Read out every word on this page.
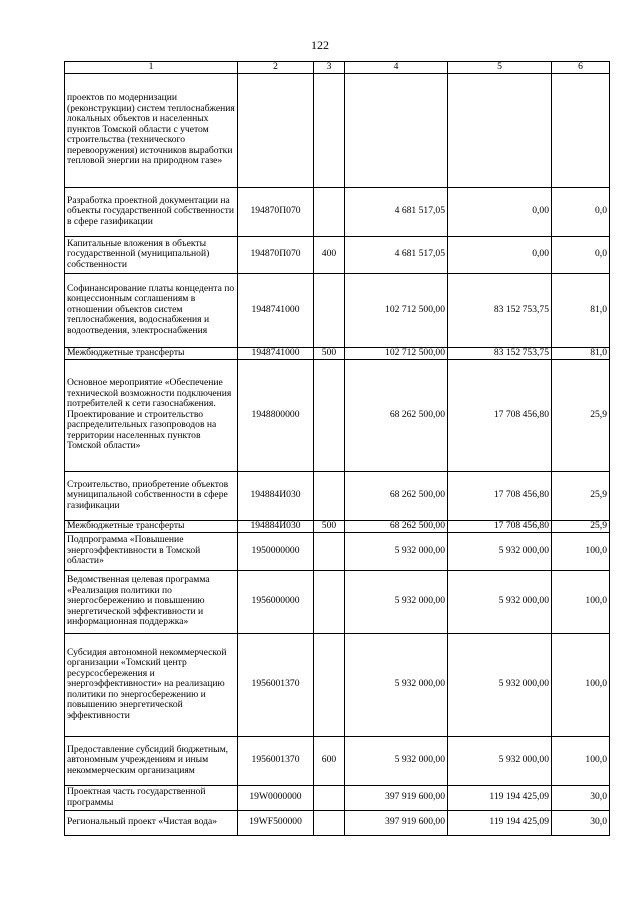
122
1	2	3	4	5	6
проектов по модернизации (реконструкции) систем теплоснабжения локальных объектов и населенных пунктов Томской области с учетом строительства (технического перевооружения) источников выработки тепловой энергии на природном газе»					
Разработка проектной документации на объекты государственной собственности в сфере газификации	194870П070		4 681 517,05	0,00	0,0
Капитальные вложения в объекты государственной (муниципальной) собственности	194870П070	400	4 681 517,05	0,00	0,0
Софинансирование платы концедента по концессионным соглашениям в отношении объектов систем теплоснабжения, водоснабжения и водоотведения, электроснабжения	1948741000		102 712 500,00	83 152 753,75	81,0
Межбюджетные трансферты	1948741000	500	102 712 500,00	83 152 753,75	81,0
Основное мероприятие «Обеспечение технической возможности подключения потребителей к сети газоснабжения. Проектирование и строительство распределительных газопроводов на территории населенных пунктов Томской области»	1948800000		68 262 500,00	17 708 456,80	25,9
Строительство, приобретение объектов муниципальной собственности в сфере газификации	194884И030		68 262 500,00	17 708 456,80	25,9
Межбюджетные трансферты	194884И030	500	68 262 500,00	17 708 456,80	25,9
Подпрограмма «Повышение энергоэффективности в Томской области»	1950000000		5 932 000,00	5 932 000,00	100,0
Ведомственная целевая программа «Реализация политики по энергосбережению и повышению энергетической эффективности и информационная поддержка»	1956000000		5 932 000,00	5 932 000,00	100,0
Субсидия автономной некоммерческой организации «Томский центр ресурсосбережения и энергоэффективности» на реализацию политики по энергосбережению и повышению энергетической эффективности	1956001370		5 932 000,00	5 932 000,00	100,0
Предоставление субсидий бюджетным, автономным учреждениям и иным некоммерческим организациям	1956001370	600	5 932 000,00	5 932 000,00	100,0
Проектная часть государственной программы	19W0000000		397 919 600,00	119 194 425,09	30,0
Региональный проект «Чистая вода»	19WF500000		397 919 600,00	119 194 425,09	30,0
